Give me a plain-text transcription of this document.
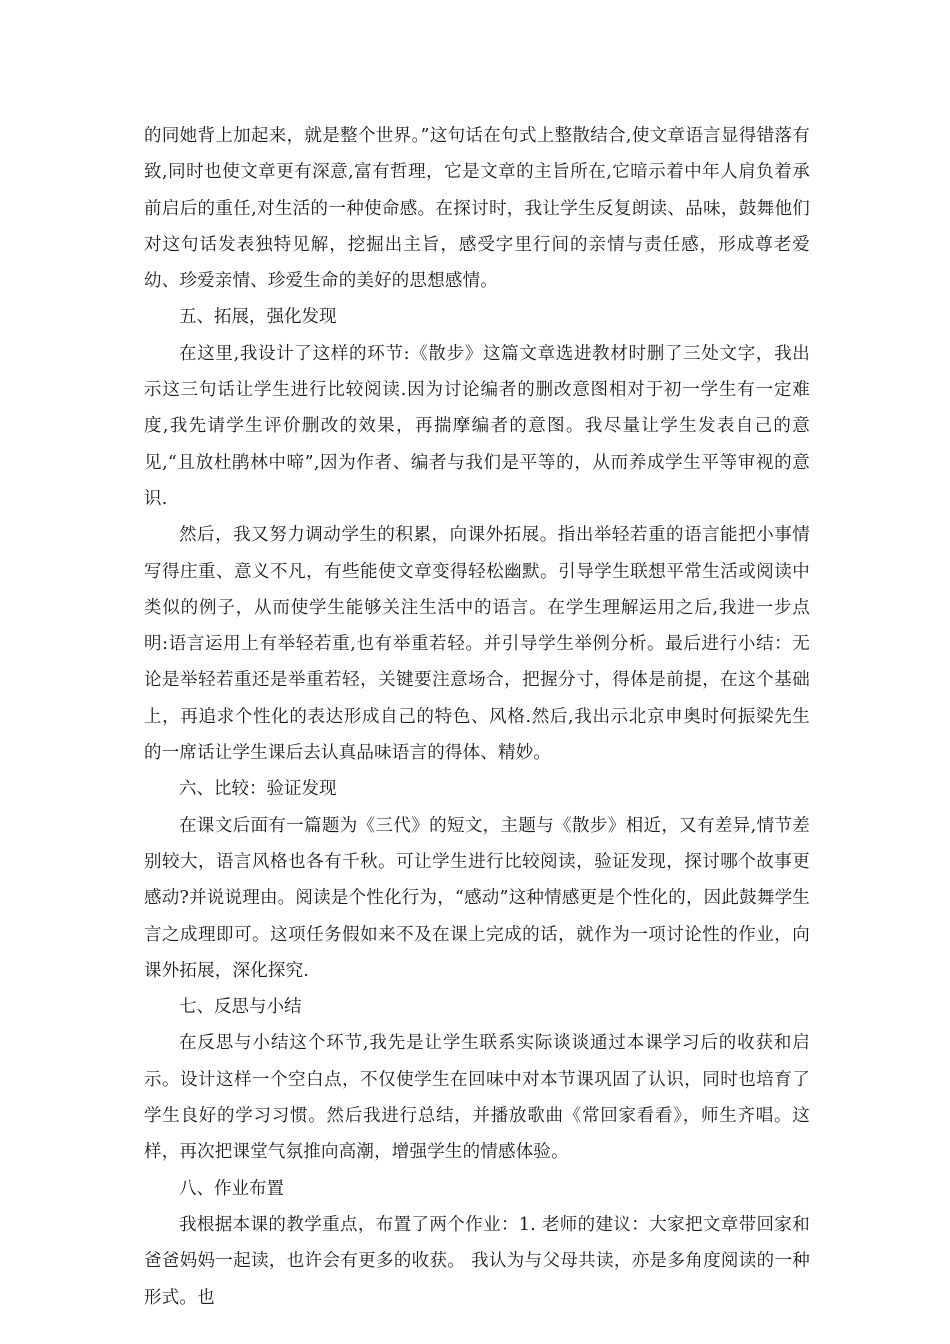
的同她背上加起来，就是整个世界。”这句话在句式上整散结合,使文章语言显得错落有致,同时也使文章更有深意,富有哲理，它是文章的主旨所在,它暗示着中年人肩负着承前启后的重任,对生活的一种使命感。在探讨时，我让学生反复朗读、品味，鼓舞他们对这句话发表独特见解，挖掘出主旨，感受字里行间的亲情与责任感，形成尊老爱幼、珍爱亲情、珍爱生命的美好的思想感情。

五、拓展，强化发现

在这里,我设计了这样的环节:《散步》这篇文章选进教材时删了三处文字，我出示这三句话让学生进行比较阅读.因为讨论编者的删改意图相对于初一学生有一定难度,我先请学生评价删改的效果，再揣摩编者的意图。我尽量让学生发表自己的意见,“且放杜鹃林中啼”,因为作者、编者与我们是平等的，从而养成学生平等审视的意识.

然后，我又努力调动学生的积累，向课外拓展。指出举轻若重的语言能把小事情写得庄重、意义不凡，有些能使文章变得轻松幽默。引导学生联想平常生活或阅读中类似的例子，从而使学生能够关注生活中的语言。在学生理解运用之后,我进一步点明:语言运用上有举轻若重,也有举重若轻。并引导学生举例分析。最后进行小结：无论是举轻若重还是举重若轻，关键要注意场合，把握分寸，得体是前提，在这个基础上，再追求个性化的表达形成自己的特色、风格.然后,我出示北京申奥时何振梁先生的一席话让学生课后去认真品味语言的得体、精妙。

六、比较：验证发现

在课文后面有一篇题为《三代》的短文，主题与《散步》相近，又有差异,情节差别较大，语言风格也各有千秋。可让学生进行比较阅读，验证发现，探讨哪个故事更感动?并说说理由。阅读是个性化行为，“感动”这种情感更是个性化的，因此鼓舞学生言之成理即可。这项任务假如来不及在课上完成的话，就作为一项讨论性的作业，向课外拓展，深化探究.

七、反思与小结

在反思与小结这个环节,我先是让学生联系实际谈谈通过本课学习后的收获和启示。设计这样一个空白点，不仅使学生在回味中对本节课巩固了认识，同时也培育了学生良好的学习习惯。然后我进行总结，并播放歌曲《常回家看看》，师生齐唱。这样，再次把课堂气氛推向高潮，增强学生的情感体验。

八、作业布置

我根据本课的教学重点，布置了两个作业：1. 老师的建议：大家把文章带回家和爸爸妈妈一起读，也许会有更多的收获。 我认为与父母共读，亦是多角度阅读的一种形式。也
